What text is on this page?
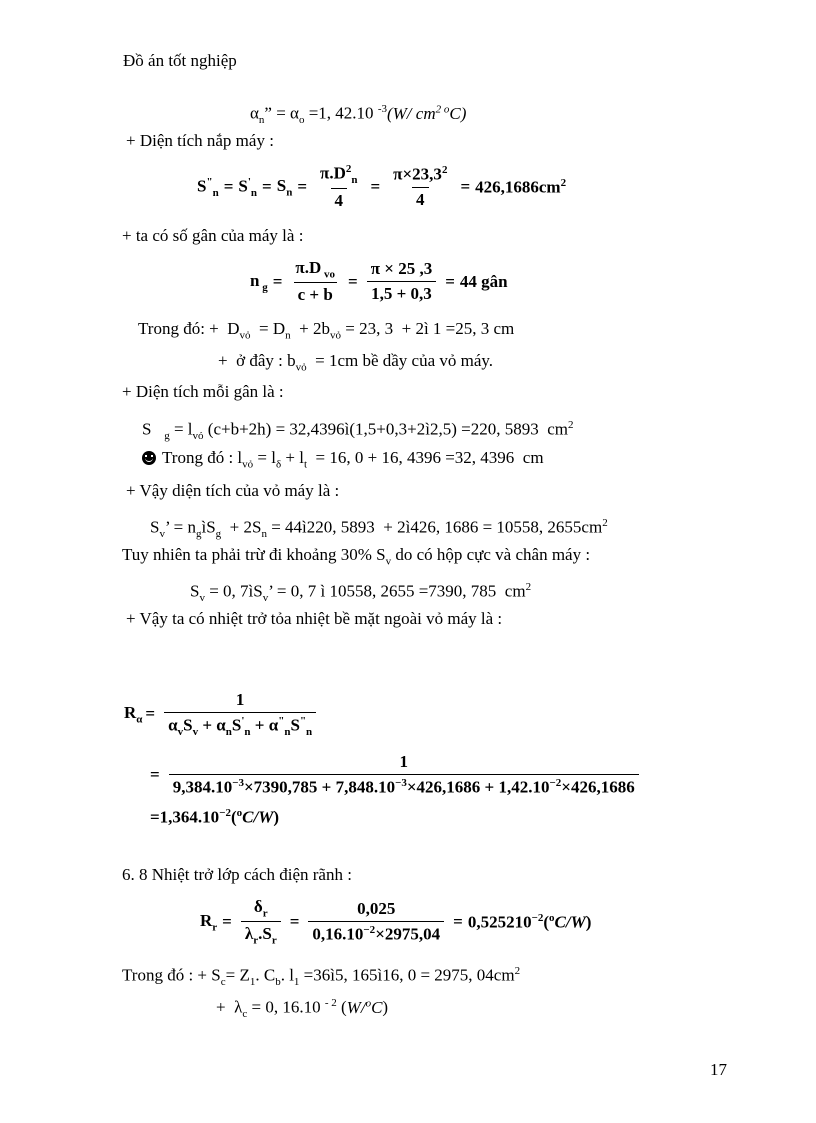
Đồ án tốt nghiệp
$\alpha_n$” = $\alpha_o =1$, 42.10 $^{-3}$(W/ $cm^{2 o}C$)
+ Diện tích nắp máy :
$S^"_n = S'_n = S_n = \frac{\pi.D^2_n}{4} = \frac{\pi\times 23,3^2}{4} = 426,1686cm^2$
+ ta có số gân của máy là :
n $_g = \frac{\pi.D _{vo}}{c + b} = \frac{\pi \times 25 ,3}{1,5 + 0,3} = 44$ gân
Trong đó: +  $D_{vỏ} = D_n + 2b_{vỏ} = 23$, 3  + 2ì 1 =25, 3 cm
+  ở đây : $b_{vỏ} = 1cm$ bề dầy của vỏ máy.
+ Diện tích mỗi gân là :
S   $_g = l_{vỏ}$ (c+b+2h) = 32,4396ì(1,5+0,3+2ì2,5) =220, 5893  $cm^2$
Trong đó : $l_{vỏ} = l_\delta + l_t = 16$, 0 + 16, 4396 =32, 4396  cm
+ Vậy diện tích của vỏ máy là :
$S_v$’ = $n_gìS_g + 2S_n$ = 44ì220, 5893  + 2ì426, 1686 = 10558, $2655cm^2$
Tuy nhiên ta phải trừ đi khoảng 30% $S_v$ do có hộp cực và chân máy :
$S_v = 0$, $7ìS_v$’ = 0, 7 ì 10558, 2655 =7390, 785  $cm^2$
+ Vậy ta có nhiệt trở tỏa nhiệt bề mặt ngoài vỏ máy là :
$R_\alpha = \frac{1}{\alpha_vS_v + \alpha_nS'_n + \alpha^"_nS^"_n}$
=
1
$9,384.10^{-3}\times 7390,785 + 7,848.10^{-3}\times 426,1686 + 1,42.10^{-2}\times 426,1686$
$=1,364.10^{-2}(^oC/W)$
6. 8 Nhiệt trở lớp cách điện rãnh :
$R_r = \frac{\delta_r}{\lambda_r.S_r} = \frac{0,025}{0,16.10^{-2}\times 2975,04} = 0,525210^{-2}(^oC/W)$
Trong đó : + $S_c= Z_1$. $C_b$. $l_1$ =36ì5, 165ì16, 0 = 2975, $04cm^2$
+  $\lambda_c = 0$, 16.10 $^{- 2}$ (W/$^o$C)
17
